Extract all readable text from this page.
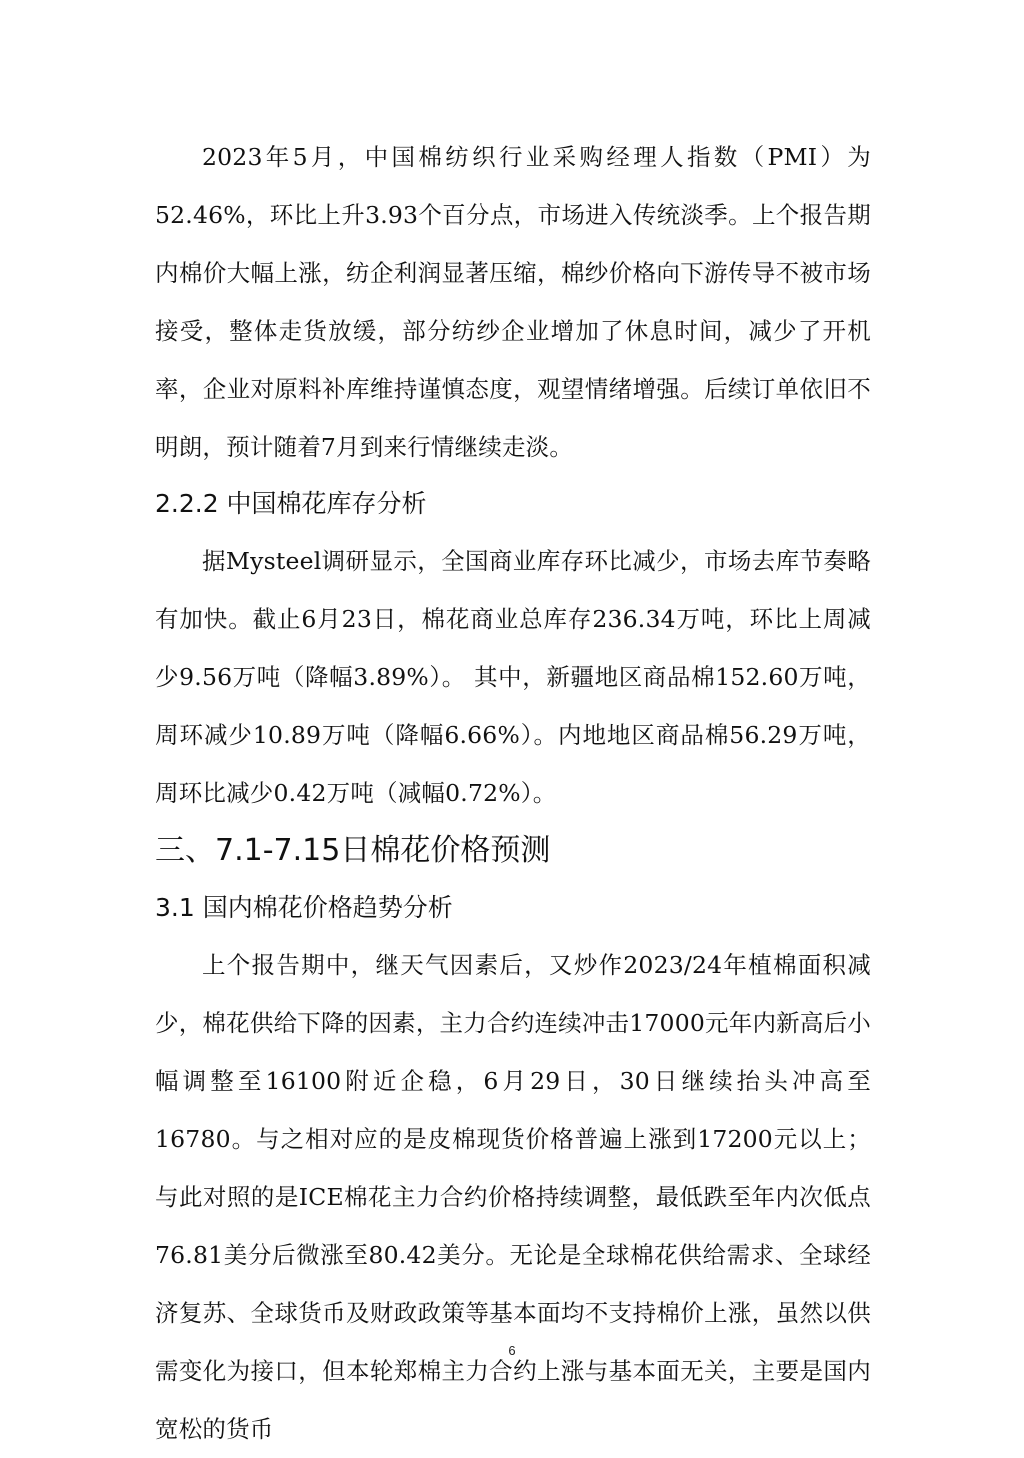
2023年5月，中国棉纺织行业采购经理人指数（PMI）为52.46%，环比上升3.93个百分点，市场进入传统淡季。上个报告期内棉价大幅上涨，纺企利润显著压缩，棉纱价格向下游传导不被市场接受，整体走货放缓，部分纺纱企业增加了休息时间，减少了开机率，企业对原料补库维持谨慎态度，观望情绪增强。后续订单依旧不明朗，预计随着7月到来行情继续走淡。

2.2.2 中国棉花库存分析

据Mysteel调研显示，全国商业库存环比减少，市场去库节奏略有加快。截止6月23日，棉花商业总库存236.34万吨，环比上周减少9.56万吨（降幅3.89%）。 其中，新疆地区商品棉152.60万吨，周环减少10.89万吨（降幅6.66%）。内地地区商品棉56.29万吨，周环比减少0.42万吨（减幅0.72%）。

三、7.1-7.15日棉花价格预测
3.1 国内棉花价格趋势分析

上个报告期中，继天气因素后，又炒作2023/24年植棉面积减少，棉花供给下降的因素，主力合约连续冲击17000元年内新高后小幅调整至16100附近企稳，6月29日，30日继续抬头冲高至16780。与之相对应的是皮棉现货价格普遍上涨到17200元以上；与此对照的是ICE棉花主力合约价格持续调整，最低跌至年内次低点76.81美分后微涨至80.42美分。无论是全球棉花供给需求、全球经济复苏、全球货币及财政政策等基本面均不支持棉价上涨，虽然以供需变化为接口，但本轮郑棉主力合约上涨与基本面无关，主要是国内宽松的货币

6
